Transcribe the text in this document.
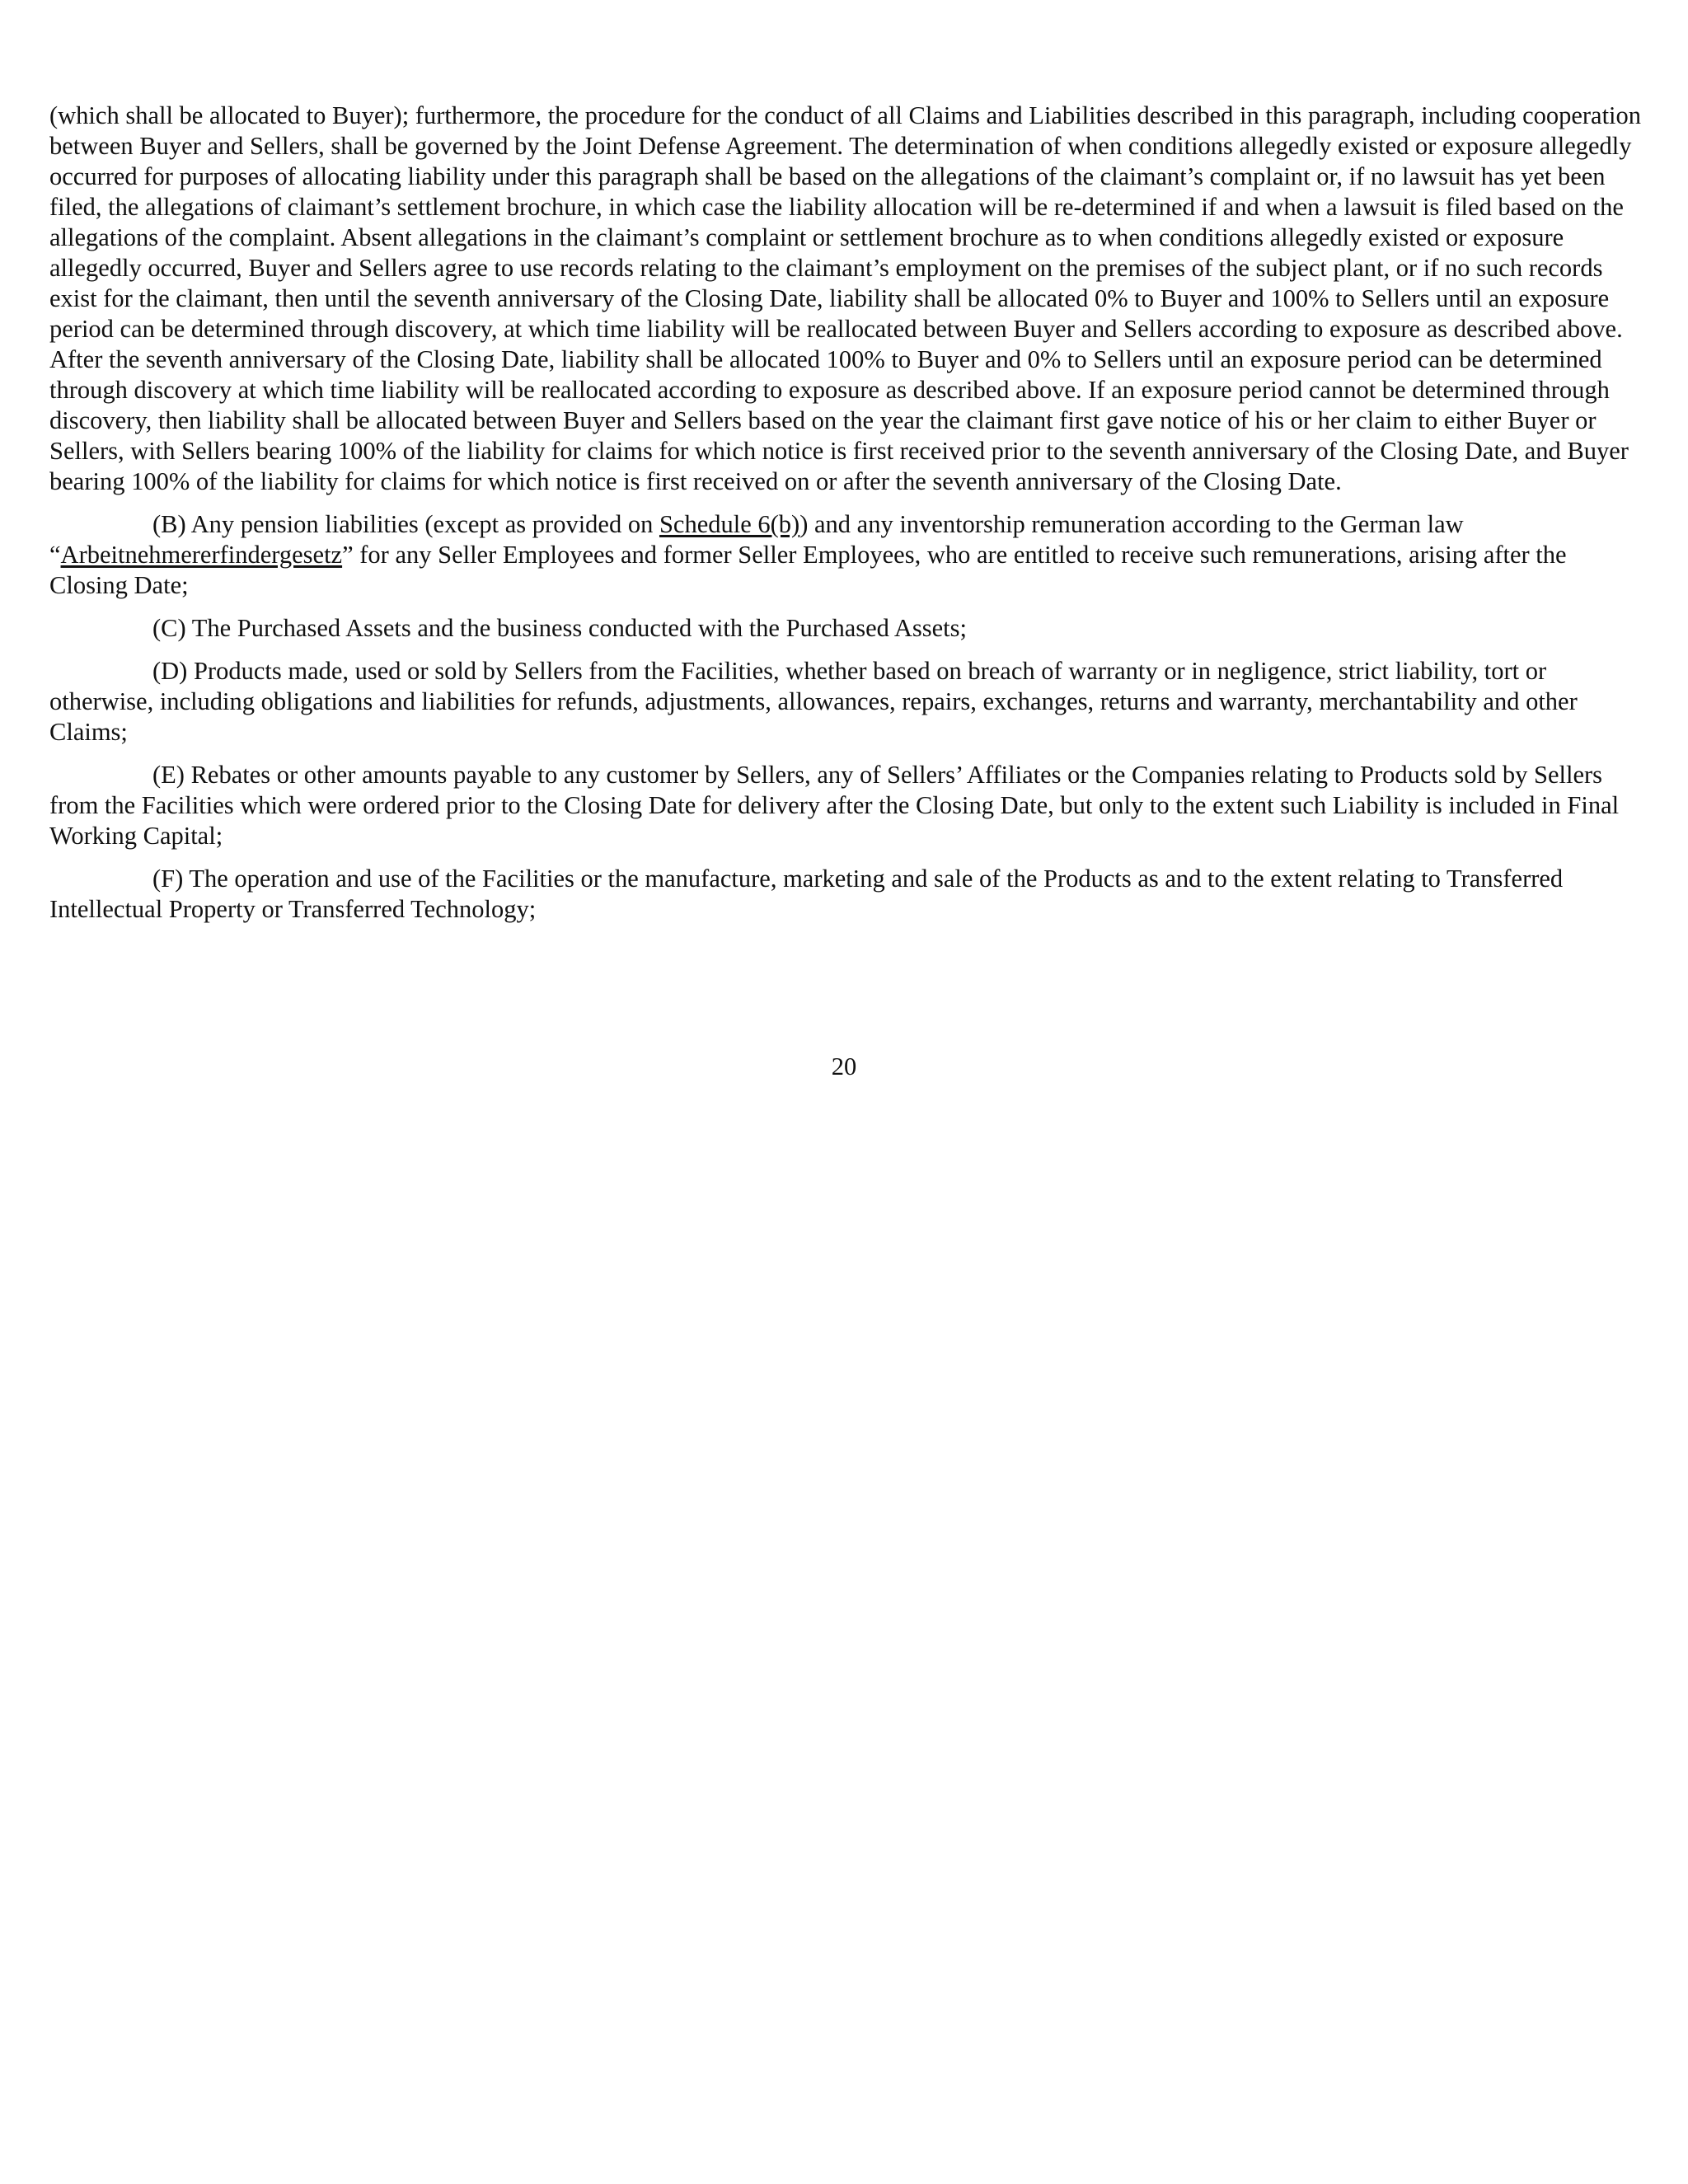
(which shall be allocated to Buyer); furthermore, the procedure for the conduct of all Claims and Liabilities described in this paragraph, including cooperation between Buyer and Sellers, shall be governed by the Joint Defense Agreement. The determination of when conditions allegedly existed or exposure allegedly occurred for purposes of allocating liability under this paragraph shall be based on the allegations of the claimant’s complaint or, if no lawsuit has yet been filed, the allegations of claimant’s settlement brochure, in which case the liability allocation will be re-determined if and when a lawsuit is filed based on the allegations of the complaint. Absent allegations in the claimant’s complaint or settlement brochure as to when conditions allegedly existed or exposure allegedly occurred, Buyer and Sellers agree to use records relating to the claimant’s employment on the premises of the subject plant, or if no such records exist for the claimant, then until the seventh anniversary of the Closing Date, liability shall be allocated 0% to Buyer and 100% to Sellers until an exposure period can be determined through discovery, at which time liability will be reallocated between Buyer and Sellers according to exposure as described above. After the seventh anniversary of the Closing Date, liability shall be allocated 100% to Buyer and 0% to Sellers until an exposure period can be determined through discovery at which time liability will be reallocated according to exposure as described above. If an exposure period cannot be determined through discovery, then liability shall be allocated between Buyer and Sellers based on the year the claimant first gave notice of his or her claim to either Buyer or Sellers, with Sellers bearing 100% of the liability for claims for which notice is first received prior to the seventh anniversary of the Closing Date, and Buyer bearing 100% of the liability for claims for which notice is first received on or after the seventh anniversary of the Closing Date.

(B) Any pension liabilities (except as provided on Schedule 6(b)) and any inventorship remuneration according to the German law “Arbeitnehmererfindergesetz” for any Seller Employees and former Seller Employees, who are entitled to receive such remunerations, arising after the Closing Date;

(C) The Purchased Assets and the business conducted with the Purchased Assets;

(D) Products made, used or sold by Sellers from the Facilities, whether based on breach of warranty or in negligence, strict liability, tort or otherwise, including obligations and liabilities for refunds, adjustments, allowances, repairs, exchanges, returns and warranty, merchantability and other Claims;

(E) Rebates or other amounts payable to any customer by Sellers, any of Sellers’ Affiliates or the Companies relating to Products sold by Sellers from the Facilities which were ordered prior to the Closing Date for delivery after the Closing Date, but only to the extent such Liability is included in Final Working Capital;

(F) The operation and use of the Facilities or the manufacture, marketing and sale of the Products as and to the extent relating to Transferred Intellectual Property or Transferred Technology;

20
